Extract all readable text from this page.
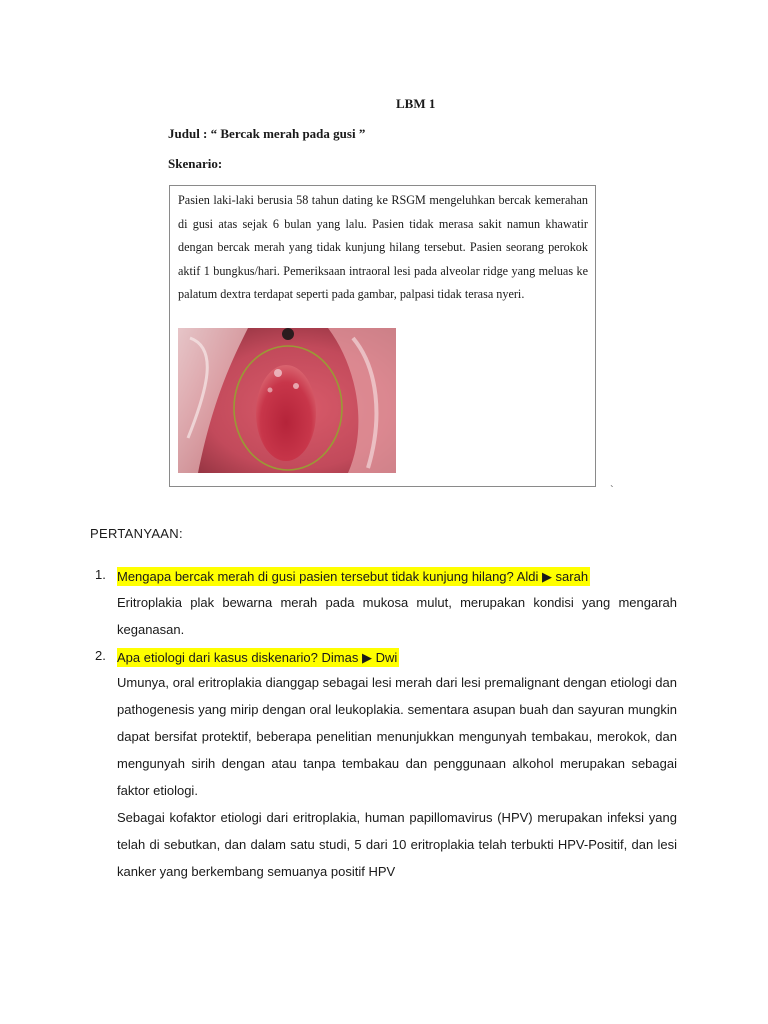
LBM 1
Judul : “ Bercak merah pada gusi ”
Skenario:

Pasien laki-laki berusia 58 tahun dating ke RSGM mengeluhkan bercak kemerahan di gusi atas sejak 6 bulan yang lalu. Pasien tidak merasa sakit namun khawatir dengan bercak merah yang tidak kunjung hilang tersebut. Pasien seorang perokok aktif 1 bungkus/hari. Pemeriksaan intraoral lesi pada alveolar ridge yang meluas ke palatum dextra terdapat seperti pada gambar, palpasi tidak terasa nyeri.

`
PERTANYAAN:
1. Mengapa bercak merah di gusi pasien tersebut tidak kunjung hilang? Aldi ▶ sarah

Eritroplakia plak bewarna merah pada mukosa mulut, merupakan kondisi yang mengarah keganasan.

2. Apa etiologi dari kasus diskenario? Dimas ▶ Dwi

Umunya, oral eritroplakia dianggap sebagai lesi merah dari lesi premalignant dengan etiologi dan pathogenesis yang mirip dengan oral leukoplakia. sementara asupan buah dan sayuran mungkin dapat bersifat protektif, beberapa penelitian menunjukkan mengunyah tembakau, merokok, dan mengunyah sirih dengan atau tanpa tembakau dan penggunaan alkohol merupakan sebagai faktor etiologi.

Sebagai kofaktor etiologi dari eritroplakia, human papillomavirus (HPV) merupakan infeksi yang telah di sebutkan, dan dalam satu studi, 5 dari 10 eritroplakia telah terbukti HPV-Positif, dan lesi kanker yang berkembang semuanya positif HPV
